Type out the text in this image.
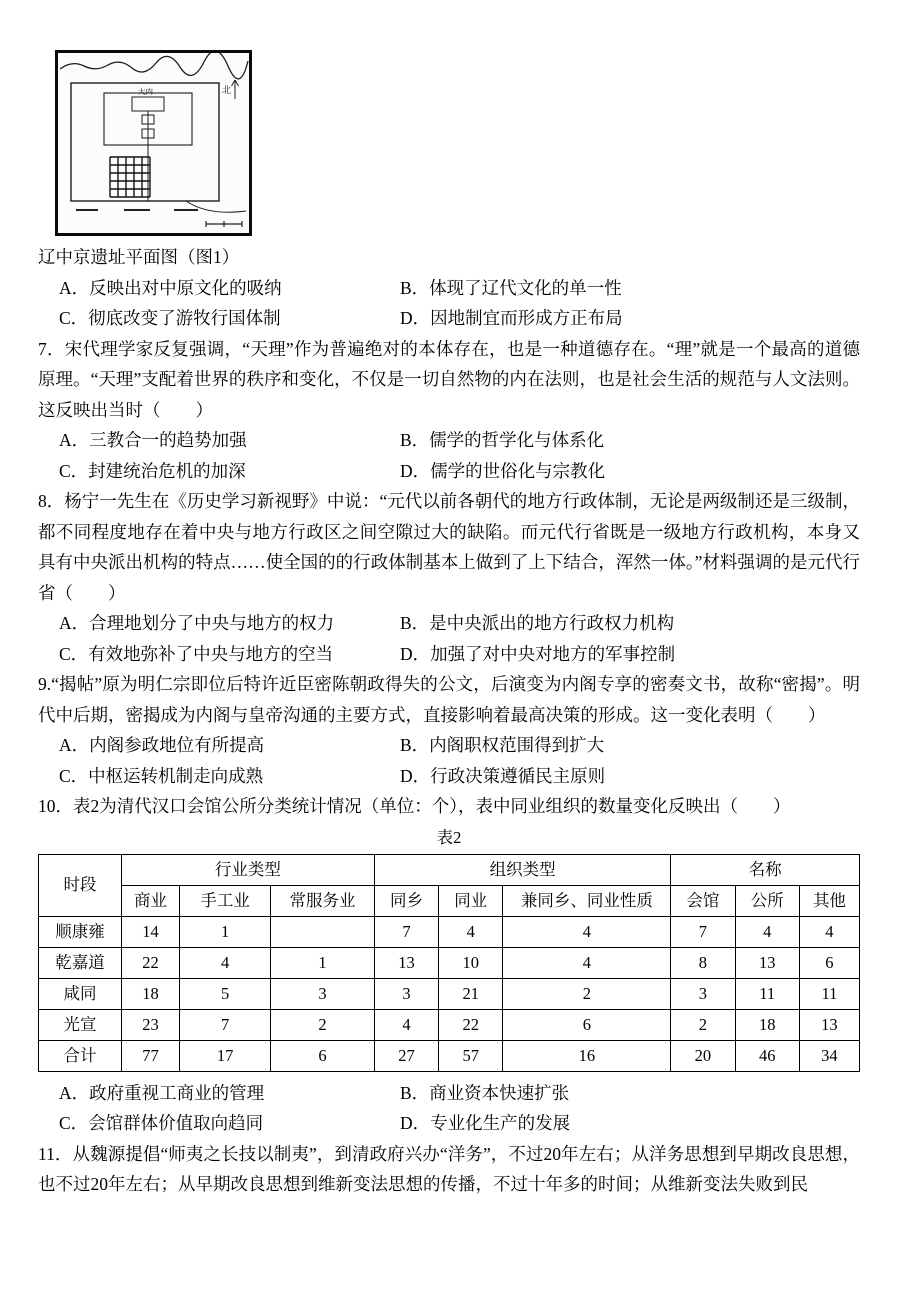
北
大内

辽中京遗址平面图（图1）

A．反映出对中原文化的吸纳	B．体现了辽代文化的单一性
C．彻底改变了游牧行国体制	D．因地制宜而形成方正布局

7．宋代理学家反复强调，“天理”作为普遍绝对的本体存在，也是一种道德存在。“理”就是一个最高的道德原理。“天理”支配着世界的秩序和变化，不仅是一切自然物的内在法则，也是社会生活的规范与人文法则。这反映出当时（　　）

A．三教合一的趋势加强	B．儒学的哲学化与体系化
C．封建统治危机的加深	D．儒学的世俗化与宗教化

8．杨宁一先生在《历史学习新视野》中说：“元代以前各朝代的地方行政体制，无论是两级制还是三级制，都不同程度地存在着中央与地方行政区之间空隙过大的缺陷。而元代行省既是一级地方行政机构，本身又具有中央派出机构的特点……使全国的的行政体制基本上做到了上下结合，浑然一体。”材料强调的是元代行省（　　）

A．合理地划分了中央与地方的权力	B．是中央派出的地方行政权力机构
C．有效地弥补了中央与地方的空当	D．加强了对中央对地方的军事控制

9.“揭帖”原为明仁宗即位后特许近臣密陈朝政得失的公文，后演变为内阁专享的密奏文书，故称“密揭”。明代中后期，密揭成为内阁与皇帝沟通的主要方式，直接影响着最高决策的形成。这一变化表明（　　）

A．内阁参政地位有所提高	B．内阁职权范围得到扩大
C．中枢运转机制走向成熟	D．行政决策遵循民主原则

10．表2为清代汉口会馆公所分类统计情况（单位：个），表中同业组织的数量变化反映出（　　）

表2

时段	行业类型			组织类型			名称		
	商业	手工业	常服务业	同乡	同业	兼同乡、同业性质	会馆	公所	其他
顺康雍	14	1		7	4	4	7	4	4
乾嘉道	22	4	1	13	10	4	8	13	6
咸同	18	5	3	3	21	2	3	11	11
光宣	23	7	2	4	22	6	2	18	13
合计	77	17	6	27	57	16	20	46	34
A．政府重视工商业的管理	B．商业资本快速扩张
C．会馆群体价值取向趋同	D．专业化生产的发展

11．从魏源提倡“师夷之长技以制夷”，到清政府兴办“洋务”，不过20年左右；从洋务思想到早期改良思想，也不过20年左右；从早期改良思想到维新变法思想的传播，不过十年多的时间；从维新变法失败到民
